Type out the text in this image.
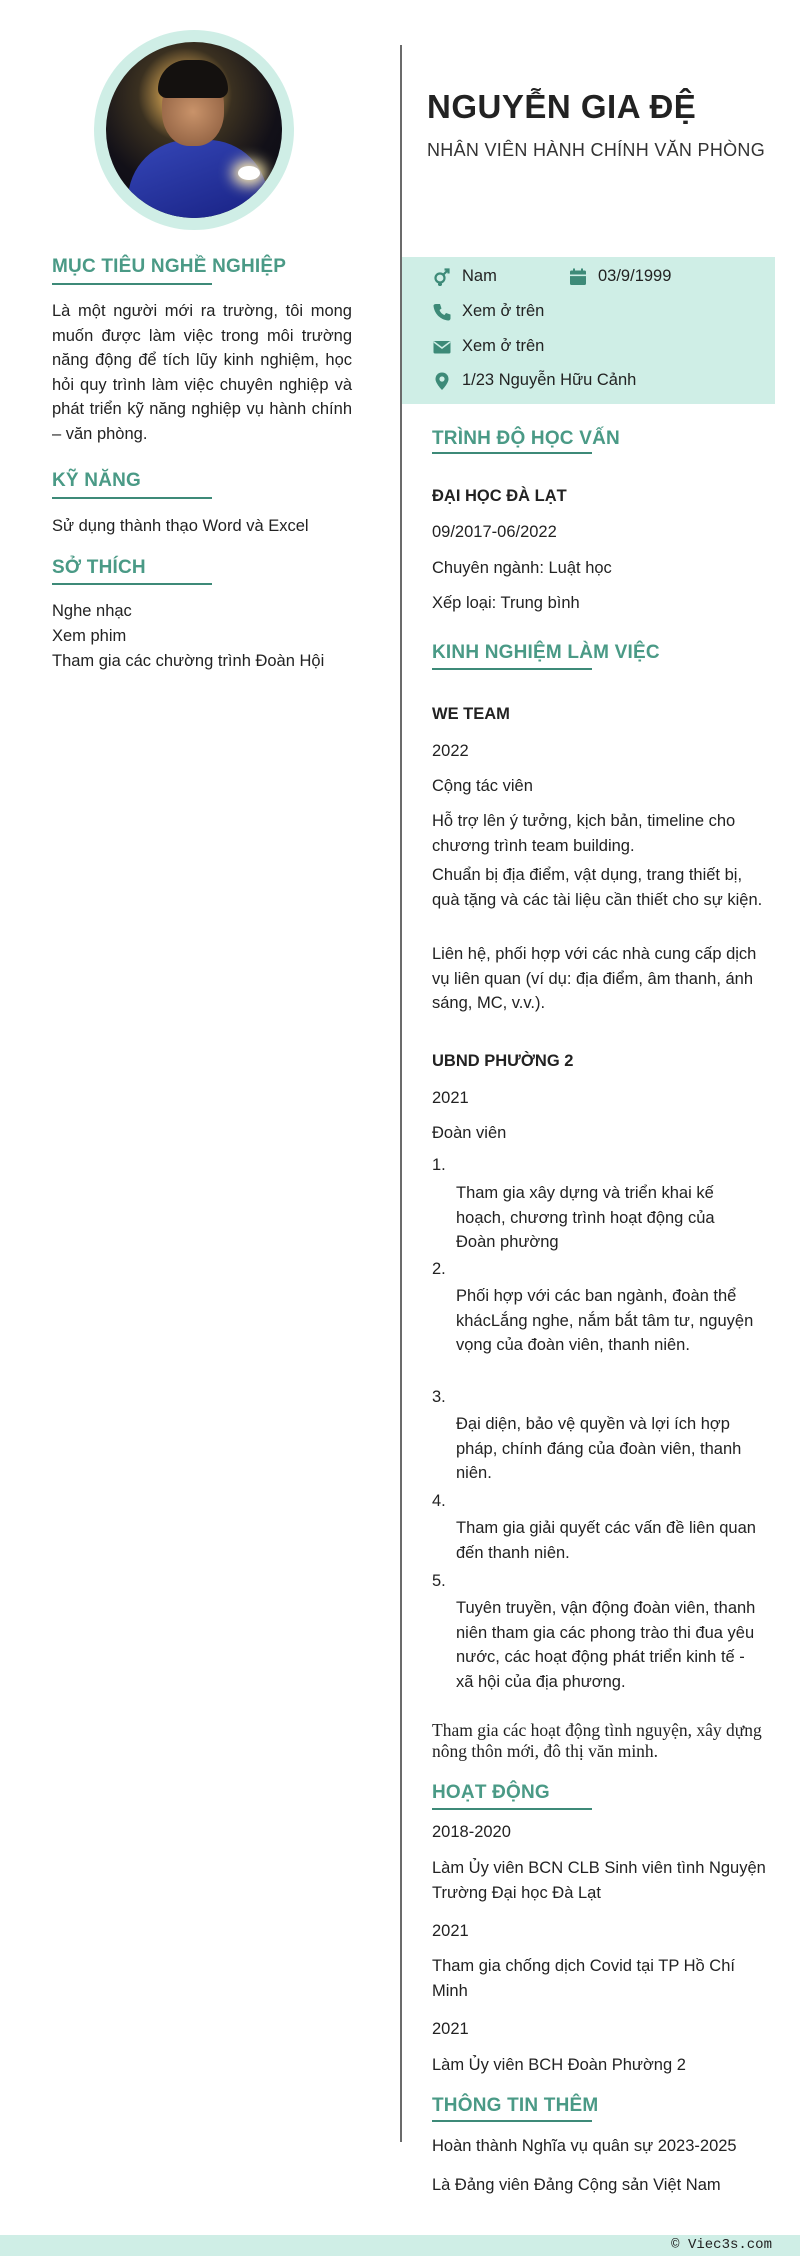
MỤC TIÊU NGHỀ NGHIỆP
Là một người mới ra trường, tôi mong muốn được làm việc trong môi trường năng động để tích lũy kinh nghiệm, học hỏi quy trình làm việc chuyên nghiệp và phát triển kỹ năng nghiệp vụ hành chính – văn phòng.
KỸ NĂNG
Sử dụng thành thạo Word và Excel
SỞ THÍCH
Nghe nhạc
Xem phim
Tham gia các chường trình Đoàn Hội
NGUYỄN GIA ĐỆ
NHÂN VIÊN HÀNH CHÍNH VĂN PHÒNG
Nam	03/9/1999
Xem ở trên
Xem ở trên
1/23 Nguyễn Hữu Cảnh
TRÌNH ĐỘ HỌC VẤN
ĐẠI HỌC ĐÀ LẠT
09/2017-06/2022
Chuyên ngành: Luật học
Xếp loại: Trung bình
KINH NGHIỆM LÀM VIỆC
WE TEAM
2022
Cộng tác viên
Hỗ trợ lên ý tưởng, kịch bản, timeline cho chương trình team building.
Chuẩn bị địa điểm, vật dụng, trang thiết bị, quà tặng và các tài liệu cần thiết cho sự kiện.
Liên hệ, phối hợp với các nhà cung cấp dịch vụ liên quan (ví dụ: địa điểm, âm thanh, ánh sáng, MC, v.v.).
UBND PHƯỜNG 2
2021
Đoàn viên
1.
Tham gia xây dựng và triển khai kế hoạch, chương trình hoạt động của Đoàn phường
2.
Phối hợp với các ban ngành, đoàn thể khácLắng nghe, nắm bắt tâm tư, nguyện vọng của đoàn viên, thanh niên.
3.
Đại diện, bảo vệ quyền và lợi ích hợp pháp, chính đáng của đoàn viên, thanh niên.
4.
Tham gia giải quyết các vấn đề liên quan đến thanh niên.
5.
Tuyên truyền, vận động đoàn viên, thanh niên tham gia các phong trào thi đua yêu nước, các hoạt động phát triển kinh tế - xã hội của địa phương.
Tham gia các hoạt động tình nguyện, xây dựng nông thôn mới, đô thị văn minh.
HOẠT ĐỘNG
2018-2020
Làm Ủy viên BCN CLB Sinh viên tình Nguyện Trường Đại học Đà Lạt
2021
Tham gia chống dịch Covid tại TP Hồ Chí Minh
2021
Làm Ủy viên BCH Đoàn Phường 2
THÔNG TIN THÊM
Hoàn thành Nghĩa vụ quân sự 2023-2025
Là Đảng viên Đảng Cộng sản Việt Nam
© Viec3s.com
